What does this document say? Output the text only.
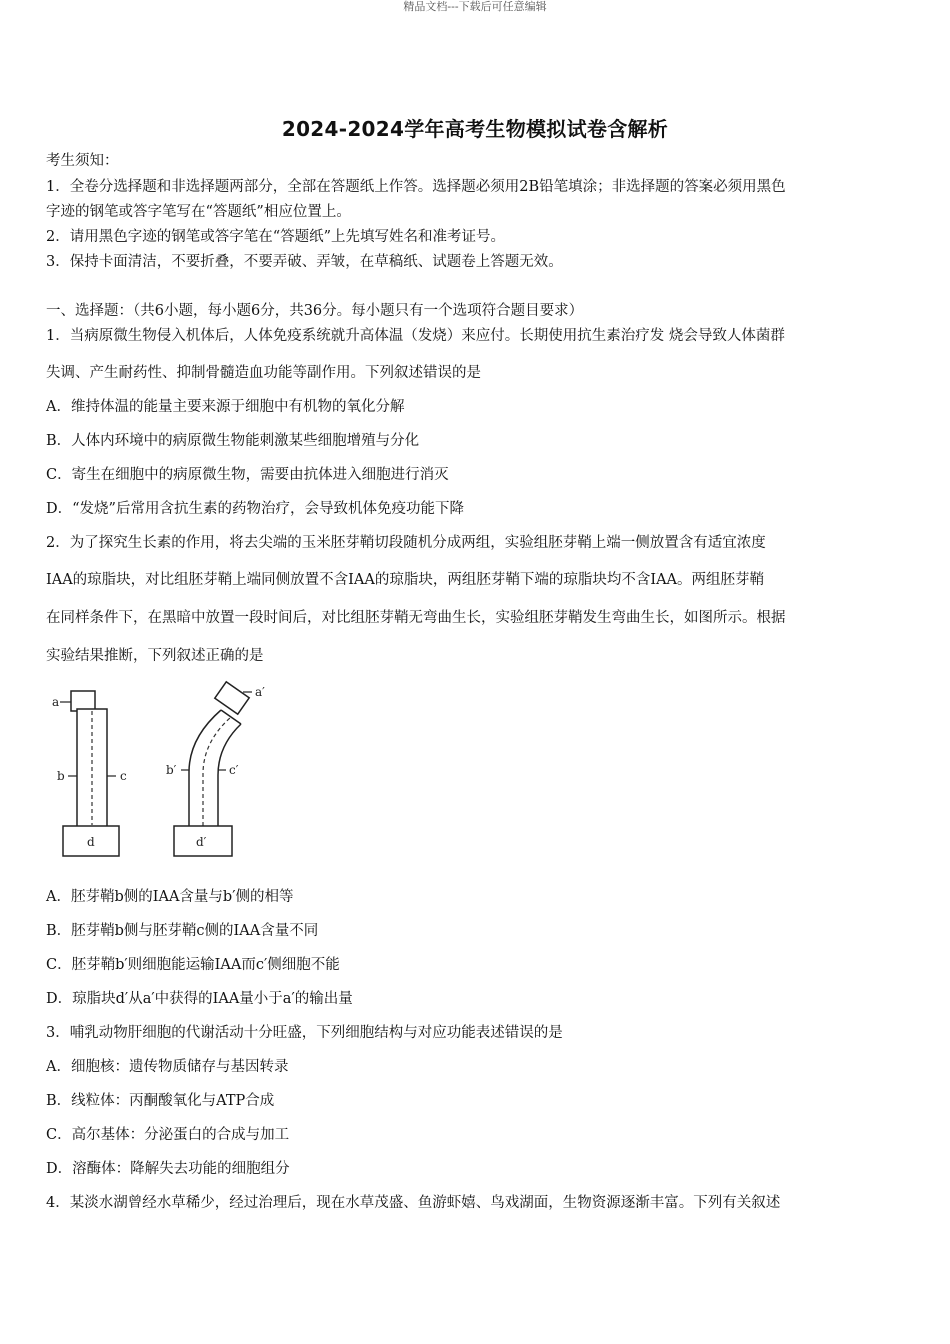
精品文档---下载后可任意编辑
2024-2024学年高考生物模拟试卷含解析
考生须知：
1．全卷分选择题和非选择题两部分，全部在答题纸上作答。选择题必须用2B铅笔填涂；非选择题的答案必须用黑色
字迹的钢笔或答字笔写在“答题纸”相应位置上。
2．请用黑色字迹的钢笔或答字笔在“答题纸”上先填写姓名和准考证号。
3．保持卡面清洁，不要折叠，不要弄破、弄皱，在草稿纸、试题卷上答题无效。
一、选择题：（共6小题，每小题6分，共36分。每小题只有一个选项符合题目要求）
1．当病原微生物侵入机体后，人体免疫系统就升高体温（发烧）来应付。长期使用抗生素治疗发 烧会导致人体菌群
失调、产生耐药性、抑制骨髓造血功能等副作用。下列叙述错误的是
A．维持体温的能量主要来源于细胞中有机物的氧化分解
B．人体内环境中的病原微生物能刺激某些细胞增殖与分化
C．寄生在细胞中的病原微生物，需要由抗体进入细胞进行消灭
D．“发烧”后常用含抗生素的药物治疗，会导致机体免疫功能下降
2．为了探究生长素的作用，将去尖端的玉米胚芽鞘切段随机分成两组，实验组胚芽鞘上端一侧放置含有适宜浓度
IAA的琼脂块，对比组胚芽鞘上端同侧放置不含IAA的琼脂块，两组胚芽鞘下端的琼脂块均不含IAA。两组胚芽鞘
在同样条件下，在黑暗中放置一段时间后，对比组胚芽鞘无弯曲生长，实验组胚芽鞘发生弯曲生长，如图所示。根据
实验结果推断，下列叙述正确的是
a
b	c
d
a′
b′	c′
d′
A．胚芽鞘b侧的IAA含量与b′侧的相等
B．胚芽鞘b侧与胚芽鞘c侧的IAA含量不同
C．胚芽鞘b′则细胞能运输IAA而c′侧细胞不能
D．琼脂块d′从a′中获得的IAA量小于a′的输出量
3．哺乳动物肝细胞的代谢活动十分旺盛，下列细胞结构与对应功能表述错误的是
A．细胞核：遗传物质储存与基因转录
B．线粒体：丙酮酸氧化与ATP合成
C．高尔基体：分泌蛋白的合成与加工
D．溶酶体：降解失去功能的细胞组分
4．某淡水湖曾经水草稀少，经过治理后，现在水草茂盛、鱼游虾嬉、鸟戏湖面，生物资源逐渐丰富。下列有关叙述
